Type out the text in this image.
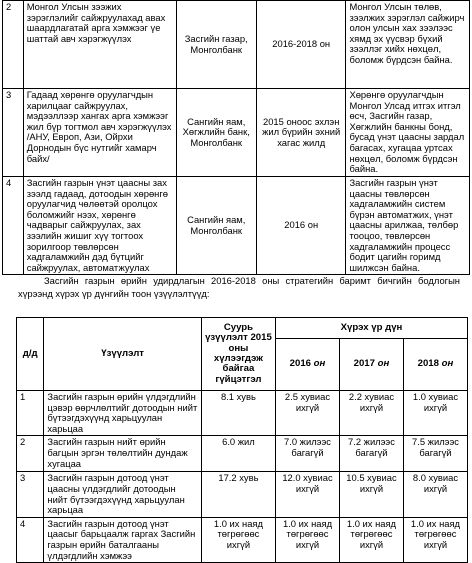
2	Монгол Улсын зээжих зэрэглэлийг сайжруулахад авах шаардлагатай арга хэмжээг үе шаттай авч хэрэгжүүлэх	Засгийн газар, Монголбанк	2016-2018 он	Монгол Улсын төлөв, зээлжих зэрэглэл сайжирч олон улсын хах зээлээс хямд эх үүсвэр бүхий зээллэг хийх нөхцөл, боломж бүрдсэн байна.
3	Гадаад хөрөнгө оруулагчдын харилцааг сайжруулах, мэдээллээр хангах арга хэмжээг жил бүр тогтмол авч хэрэгжүүлэх /АНУ, Европ, Ази, Ойрхи Дорнодын бүс нутгийг хамарч байх/	Сангийн яам, Хөгжлийн банк, Монголбанк	2015 оноос эхлэн жил бүрийн эхний хагас жилд	Хөрөнгө оруулагчдын Монгол Улсад итгэх итгэл өсч, Засгийн газар, Хөгжлийн банкны бонд, бусад үнэт цаасны зардал багасах, хугацаа уртсах нөхцөл, боломж бүрдсэн байна.
4	Засгийн газрын үнэт цаасны зах зээлд гадаад, дотоодын хөрөнгө оруулагчид чөлөөтэй оролцох боломжийг нээх, хөрөнгө чадварыг сайжруулах, зах зээлийн жишиг хүү тогтоох зорилгоор төвлөрсөн хадгаламжийн дэд бүтцийг сайжруулах, автоматжуулах	Сангийн яам, Монголбанк	2016 он	Засгийн газрын үнэт цаасны төвлөрсөн хадгаламжийн систем бүрэн автоматжих, үнэт цаасны арилжаа, төлбөр тооцоо, төвлөрсөн хадгаламжийн процесс бодит цагийн горимд шилжсэн байна.
Засгийн газрын өрийн удирдлагын 2016-2018 оны стратегийн баримт бичгийн бодлогын хүрээнд хүрэх үр дүнгийн тоон үзүүлэлтүүд:
д/д	Үзүүлэлт	Суурь үзүүлэлт 2015 оны хүлээгдэж байгаа гүйцэтгэл	Хүрэх үр дүн		
			2016 он	2017 он	2018 он
1	Засгийн газрын өрийн үлдэгдлийн цэвэр өөрчлөлтийг дотоодын нийт бүтээгдэхүүнд харьцуулан харьцаа	8.1 хувь	2.5 хувиас ихгүй	2.2 хувиас ихгүй	1.0 хувиас ихгүй
2	Засгийн газрын нийт өрийн багцын эргэн төлөлтийн дундаж хугацаа	6.0 жил	7.0 жилээс багагүй	7.2 жилээс багагүй	7.5 жилээс багагүй
3	Засгийн газрын дотоод үнэт цаасны үлдэгдлийг дотоодын нийт бүтээгдэхүүнд харьцуулан харьцаа	17.2 хувь	12.0 хувиас ихгүй	10.5 хувиас ихгүй	8.0 хувиас ихгүй
4	Засгийн газрын дотоод үнэт цаасыг барьцаалж гаргах Засгийн газрын өрийн баталгааны үлдэгдлийн хэмжээ	1.0 их наяд төгрөгөөс ихгүй	1.0 их наяд төгрөгөөс ихгүй	1.0 их наяд төгрөгөөс ихгүй	1.0 их наяд төгрөгөөс ихгүй
